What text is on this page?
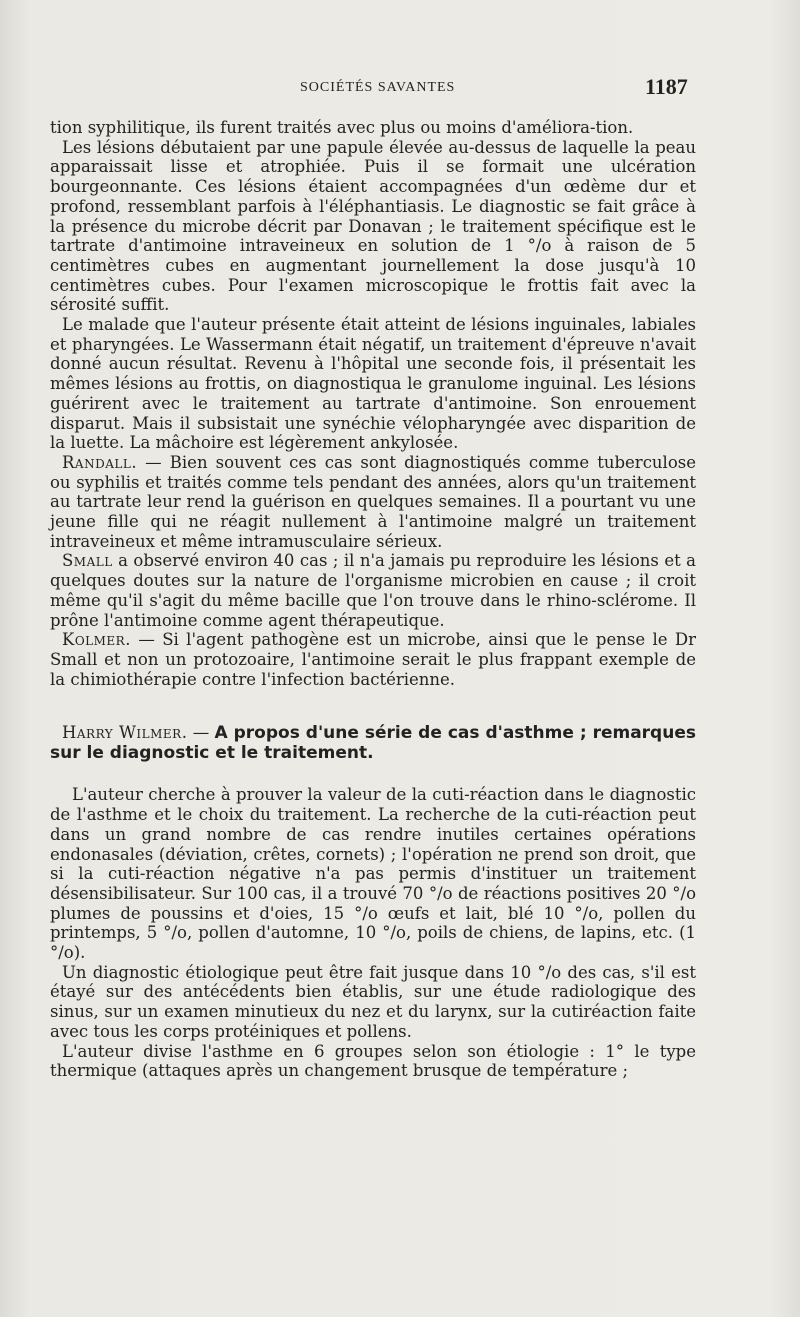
SOCIÉTÉS SAVANTES	1187

tion syphilitique, ils furent traités avec plus ou moins d'améliora-tion.

Les lésions débutaient par une papule élevée au-dessus de laquelle la peau apparaissait lisse et atrophiée. Puis il se formait une ulcération bourgeonnante. Ces lésions étaient accompagnées d'un œdème dur et profond, ressemblant parfois à l'éléphantiasis. Le diagnostic se fait grâce à la présence du microbe décrit par Donavan ; le traitement spécifique est le tartrate d'antimoine intraveineux en solution de 1 °/o à raison de 5 centimètres cubes en augmentant journellement la dose jusqu'à 10 centimètres cubes. Pour l'examen microscopique le frottis fait avec la sérosité suffit.

Le malade que l'auteur présente était atteint de lésions inguinales, labiales et pharyngées. Le Wassermann était négatif, un traitement d'épreuve n'avait donné aucun résultat. Revenu à l'hôpital une seconde fois, il présentait les mêmes lésions au frottis, on diagnostiqua le granulome inguinal. Les lésions guérirent avec le traitement au tartrate d'antimoine. Son enrouement disparut. Mais il subsistait une synéchie vélopharyngée avec disparition de la luette. La mâchoire est légèrement ankylosée.

Randall. — Bien souvent ces cas sont diagnostiqués comme tuberculose ou syphilis et traités comme tels pendant des années, alors qu'un traitement au tartrate leur rend la guérison en quelques semaines. Il a pourtant vu une jeune fille qui ne réagit nullement à l'antimoine malgré un traitement intraveineux et même intramusculaire sérieux.

Small a observé environ 40 cas ; il n'a jamais pu reproduire les lésions et a quelques doutes sur la nature de l'organisme microbien en cause ; il croit même qu'il s'agit du même bacille que l'on trouve dans le rhino-sclérome. Il prône l'antimoine comme agent thérapeutique.

Kolmer. — Si l'agent pathogène est un microbe, ainsi que le pense le Dr Small et non un protozoaire, l'antimoine serait le plus frappant exemple de la chimiothérapie contre l'infection bactérienne.

Harry Wilmer. — A propos d'une série de cas d'asthme ; remarques sur le diagnostic et le traitement.

L'auteur cherche à prouver la valeur de la cuti-réaction dans le diagnostic de l'asthme et le choix du traitement. La recherche de la cuti-réaction peut dans un grand nombre de cas rendre inutiles certaines opérations endonasales (déviation, crêtes, cornets) ; l'opération ne prend son droit, que si la cuti-réaction négative n'a pas permis d'instituer un traitement désensibilisateur. Sur 100 cas, il a trouvé 70 °/o de réactions positives 20 °/o plumes de poussins et d'oies, 15 °/o œufs et lait, blé 10 °/o, pollen du printemps, 5 °/o, pollen d'automne, 10 °/o, poils de chiens, de lapins, etc. (1 °/o).

Un diagnostic étiologique peut être fait jusque dans 10 °/o des cas, s'il est étayé sur des antécédents bien établis, sur une étude radiologique des sinus, sur un examen minutieux du nez et du larynx, sur la cutiréaction faite avec tous les corps protéiniques et pollens.

L'auteur divise l'asthme en 6 groupes selon son étiologie : 1° le type thermique (attaques après un changement brusque de température ;
